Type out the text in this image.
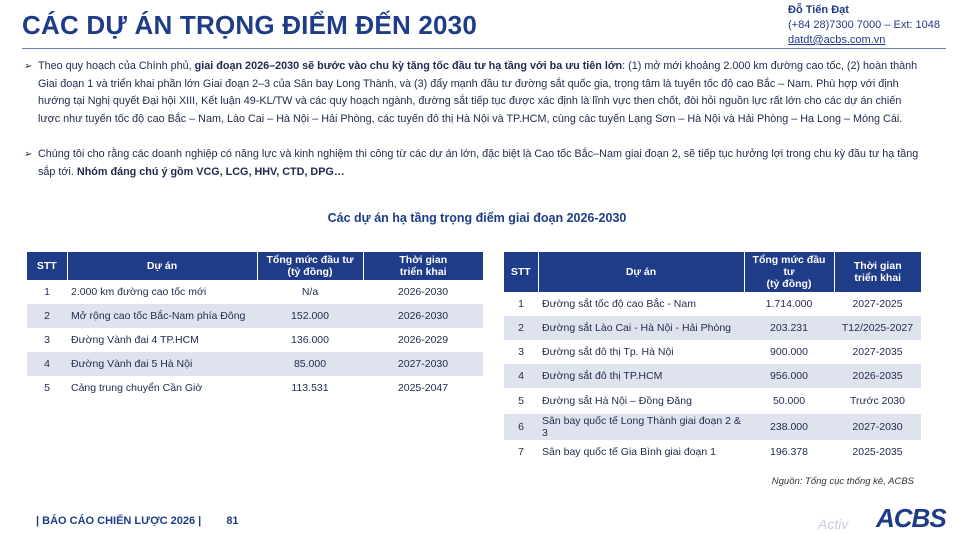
CÁC DỰ ÁN TRỌNG ĐIỂM ĐẾN 2030	Đỗ Tiến Đạt
(+84 28)7300 7000 – Ext: 1048
datdt@acbs.com.vn
➢ Theo quy hoạch của Chính phủ, giai đoạn 2026–2030 sẽ bước vào chu kỳ tăng tốc đầu tư hạ tầng với ba ưu tiên lớn: (1) mở mới khoảng 2.000 km đường cao tốc, (2) hoàn thành Giai đoạn 1 và triển khai phần lớn Giai đoạn 2–3 của Sân bay Long Thành, và (3) đẩy mạnh đầu tư đường sắt quốc gia, trọng tâm là tuyến tốc độ cao Bắc – Nam. Phù hợp với định hướng tại Nghị quyết Đại hội XIII, Kết luận 49-KL/TW và các quy hoạch ngành, đường sắt tiếp tục được xác định là lĩnh vực then chốt, đòi hỏi nguồn lực rất lớn cho các dự án chiến lược như tuyến tốc độ cao Bắc – Nam, Lào Cai – Hà Nội – Hải Phòng, các tuyến đô thị Hà Nội và TP.HCM, cùng các tuyến Lạng Sơn – Hà Nội và Hải Phòng – Hạ Long – Móng Cái.
➢ Chúng tôi cho rằng các doanh nghiệp có năng lực và kinh nghiệm thi công từ các dự án lớn, đặc biệt là Cao tốc Bắc–Nam giai đoạn 2, sẽ tiếp tục hưởng lợi trong chu kỳ đầu tư hạ tầng sắp tới. Nhóm đáng chú ý gồm VCG, LCG, HHV, CTD, DPG…
Các dự án hạ tầng trọng điểm giai đoạn 2026-2030
STT	Dự án	Tổng mức đầu tư
(tỷ đồng)	Thời gian
triển khai
1	2.000 km đường cao tốc mới	N/a	2026-2030
2	Mở rộng cao tốc Bắc-Nam phía Đông	152.000	2026-2030
3	Đường Vành đai 4 TP.HCM	136.000	2026-2029
4	Đường Vành đai 5 Hà Nội	85.000	2027-2030
5	Cảng trung chuyển Cần Giờ	113.531	2025-2047
STT	Dự án	Tổng mức đầu tư
(tỷ đồng)	Thời gian
triển khai
1	Đường sắt tốc độ cao Bắc - Nam	1.714.000	2027-2025
2	Đường sắt Lào Cai - Hà Nội - Hải Phòng	203.231	T12/2025-2027
3	Đường sắt đô thị Tp. Hà Nội	900.000	2027-2035
4	Đường sắt đô thị TP.HCM	956.000	2026-2035
5	Đường sắt Hà Nội – Đồng Đăng	50.000	Trước 2030
6	Sân bay quốc tế Long Thành giai đoạn 2 & 3	238.000	2027-2030
7	Sân bay quốc tế Gia Bình giai đoạn 1	196.378	2025-2035
Nguồn: Tổng cục thống kê, ACBS
| BÁO CÁO CHIẾN LƯỢC 2026 | 81	Activ ACBS
